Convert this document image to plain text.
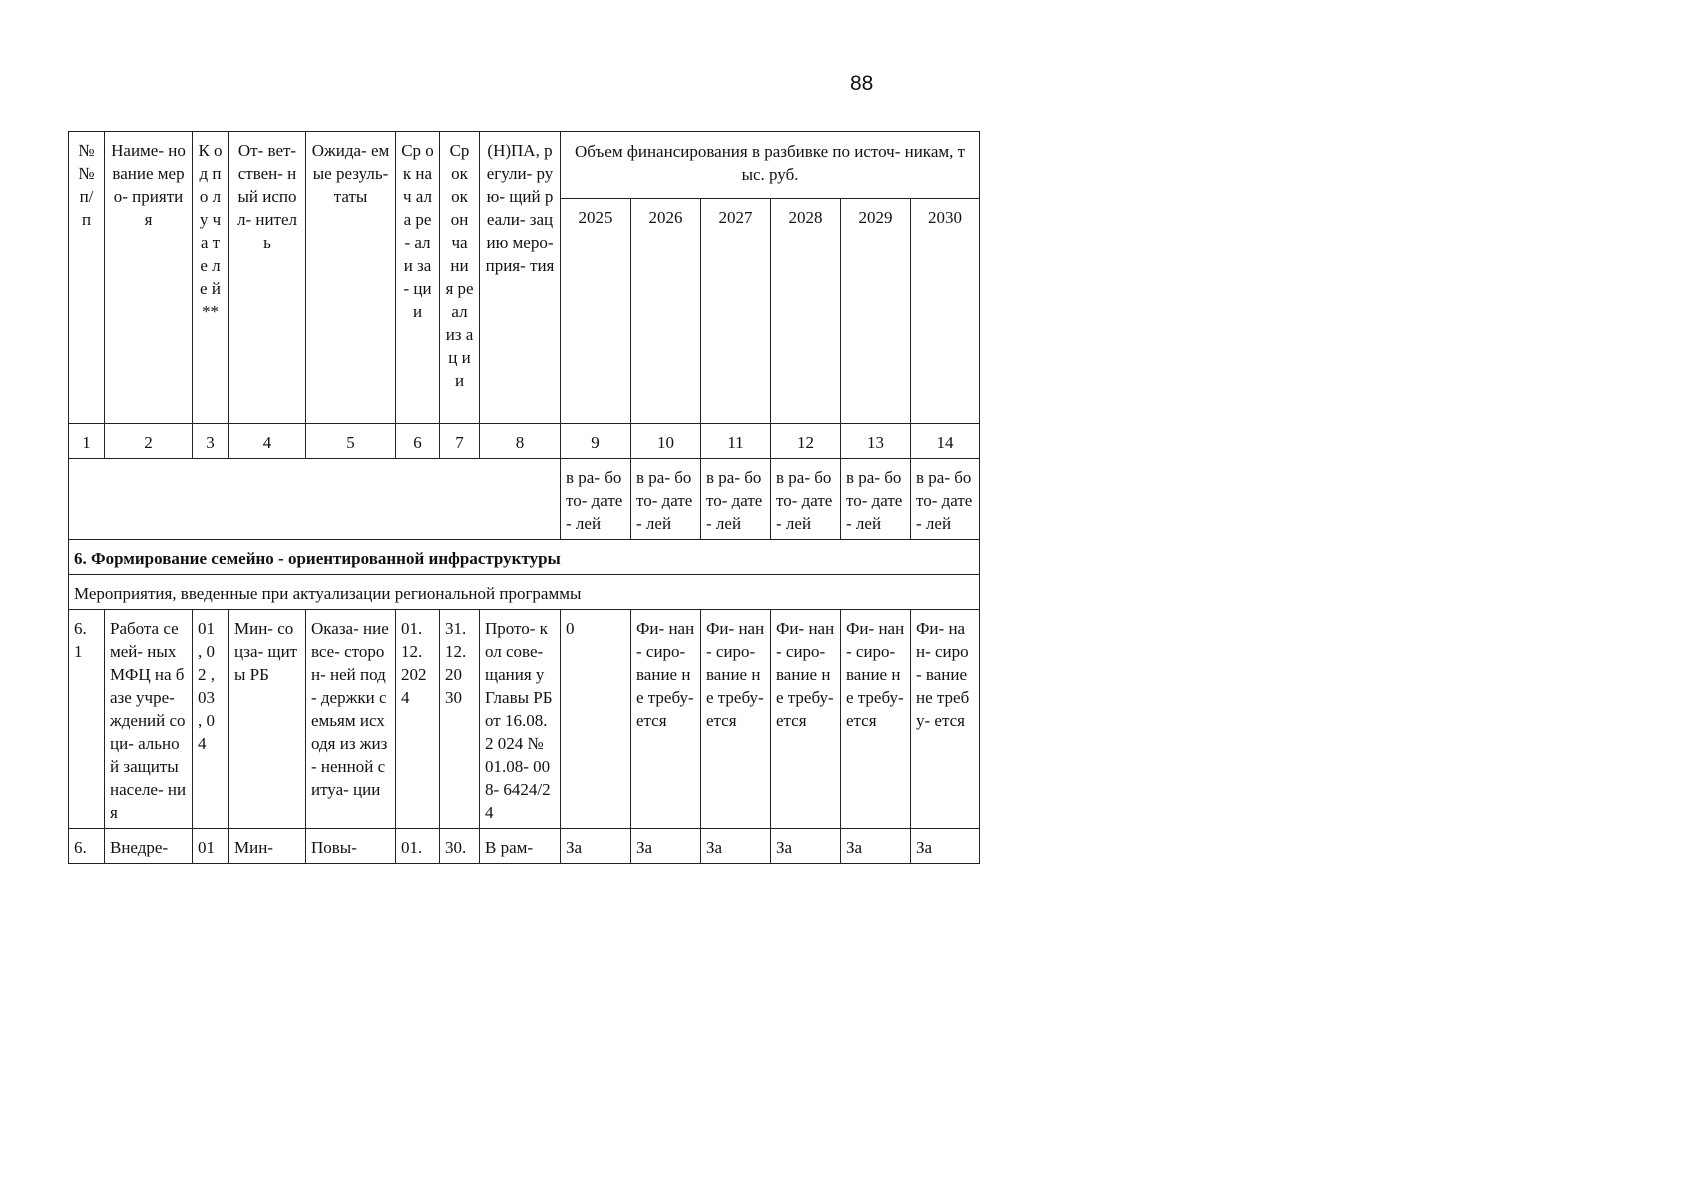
88
№ № п/ п	Наиме- нование меро- приятия	К од по лу ча те ле й **	От- вет- ствен- ный испол- нитель	Ожида- емые резуль- таты	Ср ок нач ала ре- али за- ци и	Ср ок ок он ча ни я ре ал из ац ии	(Н)ПА, регули- рую- щий реали- зацию меро- прия- тия	Объем финансирования в разбивке по источ- никам, тыс. руб.					
								2025	2026	2027	2028	2029	2030
1	2	3	4	5	6	7	8	9	10	11	12	13	14
								в ра- бото- дате- лей	в ра- бото- дате- лей	в ра- бото- дате- лей	в ра- бото- дате- лей	в ра- бото- дате- лей	в ра- бото- дате- лей
6. Формирование семейно - ориентированной инфраструктуры													
Мероприятия, введенные при актуализации региональной программы													
6. 1	Работа семей- ных МФЦ на базе учре- ждений соци- альной защиты населе- ния	01 , 02 , 03 , 04	Мин- соцза- щиты РБ	Оказа- ние все- сторон- ней под- держки семьям исходя из жиз- ненной ситуа- ции	01. 12. 202 4	31. 12. 20 30	Прото- кол сове- щания у Главы РБ от 16.08.2 024 № 01.08- 008- 6424/24	0	Фи- нан- сиро- вание не требу- ется	Фи- нан- сиро- вание не требу- ется	Фи- нан- сиро- вание не требу- ется	Фи- нан- сиро- вание не требу- ется	Фи- нан- сиро- вание не требу- ется
6.	Внедре-	01	Мин-	Повы-	01.	30.	В рам-	За	За	За	За	За	За
